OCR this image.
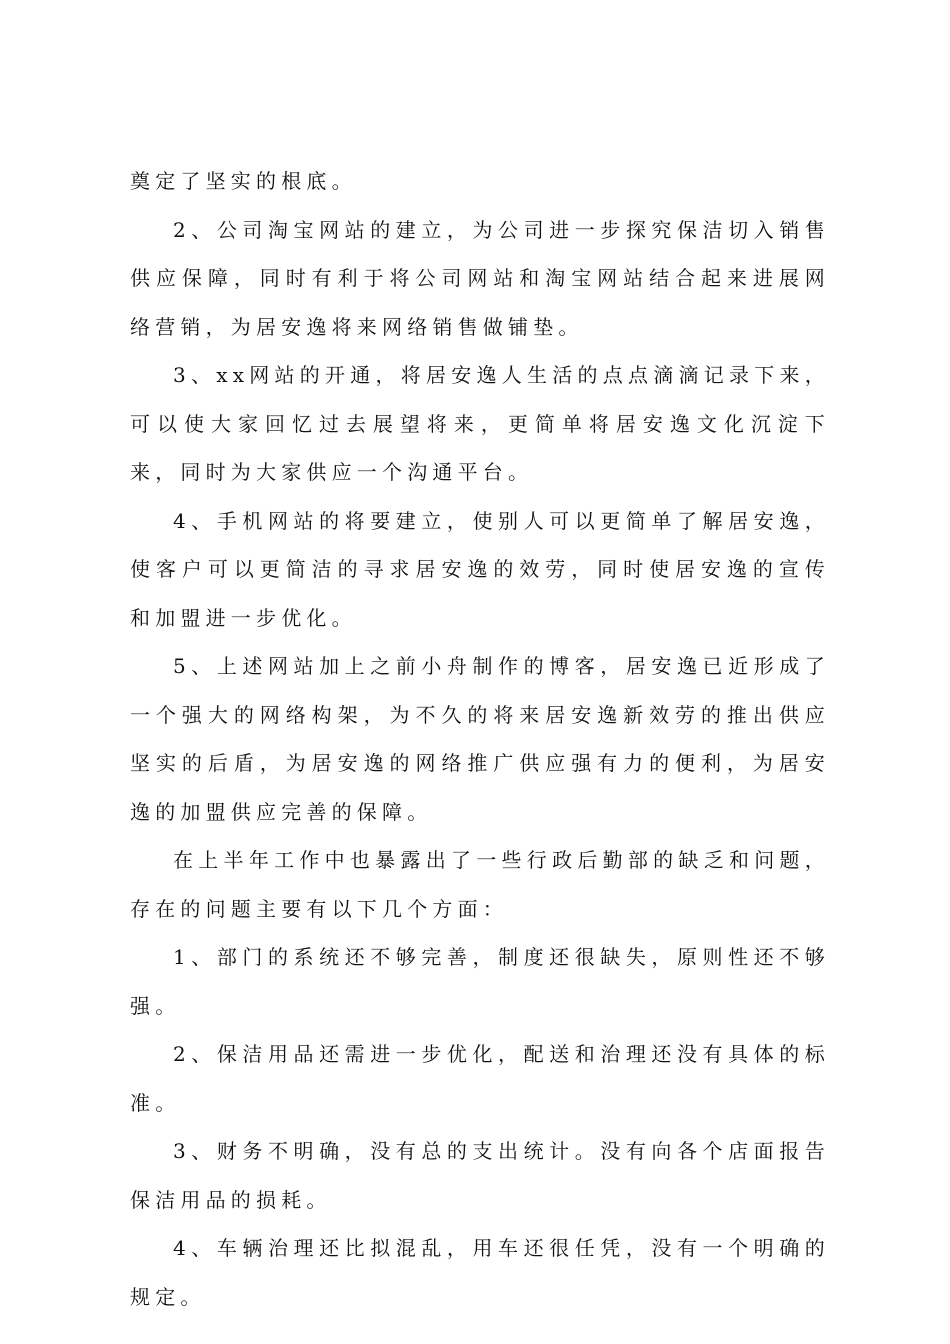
奠定了坚实的根底。

2、公司淘宝网站的建立，为公司进一步探究保洁切入销售供应保障，同时有利于将公司网站和淘宝网站结合起来进展网络营销，为居安逸将来网络销售做铺垫。

3、xx网站的开通，将居安逸人生活的点点滴滴记录下来，可以使大家回忆过去展望将来，更简单将居安逸文化沉淀下来，同时为大家供应一个沟通平台。

4、手机网站的将要建立，使别人可以更简单了解居安逸，使客户可以更简洁的寻求居安逸的效劳，同时使居安逸的宣传和加盟进一步优化。

5、上述网站加上之前小舟制作的博客，居安逸已近形成了一个强大的网络构架，为不久的将来居安逸新效劳的推出供应坚实的后盾，为居安逸的网络推广供应强有力的便利，为居安逸的加盟供应完善的保障。

在上半年工作中也暴露出了一些行政后勤部的缺乏和问题，存在的问题主要有以下几个方面：

1、部门的系统还不够完善，制度还很缺失，原则性还不够强。

2、保洁用品还需进一步优化，配送和治理还没有具体的标准。

3、财务不明确，没有总的支出统计。没有向各个店面报告保洁用品的损耗。

4、车辆治理还比拟混乱，用车还很任凭，没有一个明确的规定。
